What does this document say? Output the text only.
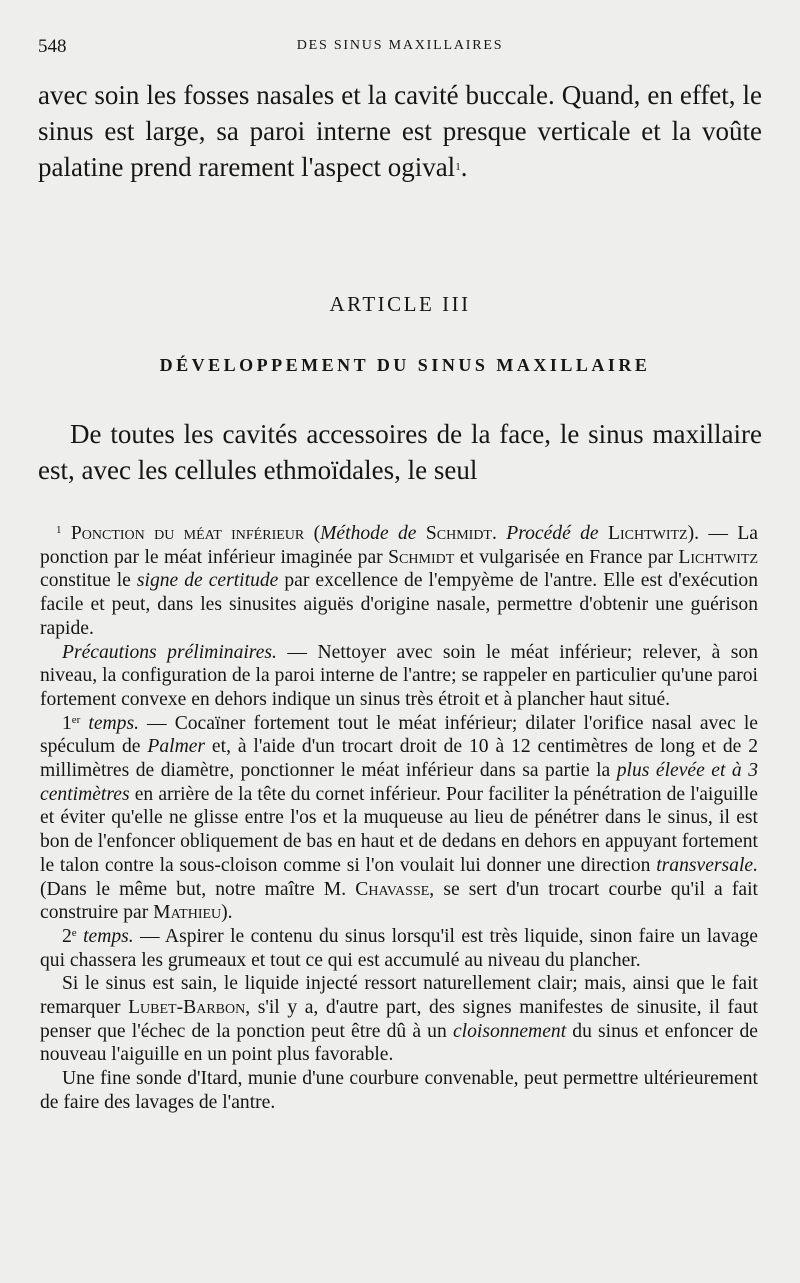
548	DES SINUS MAXILLAIRES
avec soin les fosses nasales et la cavité buccale. Quand, en effet, le sinus est large, sa paroi interne est presque verticale et la voûte palatine prend rarement l'aspect ogival$^1$.
ARTICLE III
DÉVELOPPEMENT DU SINUS MAXILLAIRE
De toutes les cavités accessoires de la face, le sinus maxillaire est, avec les cellules ethmoïdales, le seul

$^1$ Ponction du méat inférieur (Méthode de Schmidt. Procédé de Lichtwitz). — La ponction par le méat inférieur imaginée par Schmidt et vulgarisée en France par Lichtwitz constitue le signe de certitude par excellence de l'empyème de l'antre. Elle est d'exécution facile et peut, dans les sinusites aiguës d'origine nasale, permettre d'obtenir une guérison rapide.

Précautions préliminaires. — Nettoyer avec soin le méat inférieur; relever, à son niveau, la configuration de la paroi interne de l'antre; se rappeler en particulier qu'une paroi fortement convexe en dehors indique un sinus très étroit et à plancher haut situé.

1er temps. — Cocaïner fortement tout le méat inférieur; dilater l'orifice nasal avec le spéculum de Palmer et, à l'aide d'un trocart droit de 10 à 12 centimètres de long et de 2 millimètres de diamètre, ponctionner le méat inférieur dans sa partie la plus élevée et à 3 centimètres en arrière de la tête du cornet inférieur. Pour faciliter la pénétration de l'aiguille et éviter qu'elle ne glisse entre l'os et la muqueuse au lieu de pénétrer dans le sinus, il est bon de l'enfoncer obliquement de bas en haut et de dedans en dehors en appuyant fortement le talon contre la sous-cloison comme si l'on voulait lui donner une direction transversale. (Dans le même but, notre maître M. Chavasse, se sert d'un trocart courbe qu'il a fait construire par Mathieu).

2e temps. — Aspirer le contenu du sinus lorsqu'il est très liquide, sinon faire un lavage qui chassera les grumeaux et tout ce qui est accumulé au niveau du plancher.

Si le sinus est sain, le liquide injecté ressort naturellement clair; mais, ainsi que le fait remarquer Lubet-Barbon, s'il y a, d'autre part, des signes manifestes de sinusite, il faut penser que l'échec de la ponction peut être dû à un cloisonnement du sinus et enfoncer de nouveau l'aiguille en un point plus favorable.

Une fine sonde d'Itard, munie d'une courbure convenable, peut permettre ultérieurement de faire des lavages de l'antre.
